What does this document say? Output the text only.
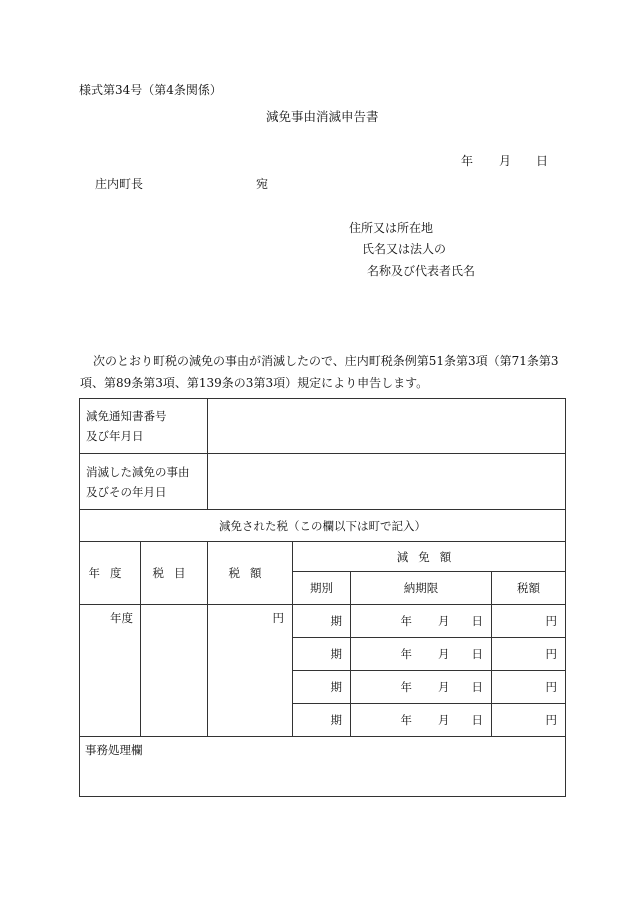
様式第34号（第4条関係）
減免事由消滅申告書
年 月 日
庄内町長	宛
住所又は所在地
氏名又は法人の
名称及び代表者氏名
次のとおり町税の減免の事由が消滅したので、庄内町税条例第51条第3項（第71条第3項、第89条第3項、第139条の3第3項）規定により申告します。
減免通知書番号
及び年月日					

消滅した減免の事由
及びその年月日					

減免された税（この欄以下は町で記入）					
年度	税目	税額	減免額		
			期別	納期限	税額
年度		円	期	年 月 日	円
			期	年 月 日	円
			期	年 月 日	円
			期	年 月 日	円
事務処理欄					
